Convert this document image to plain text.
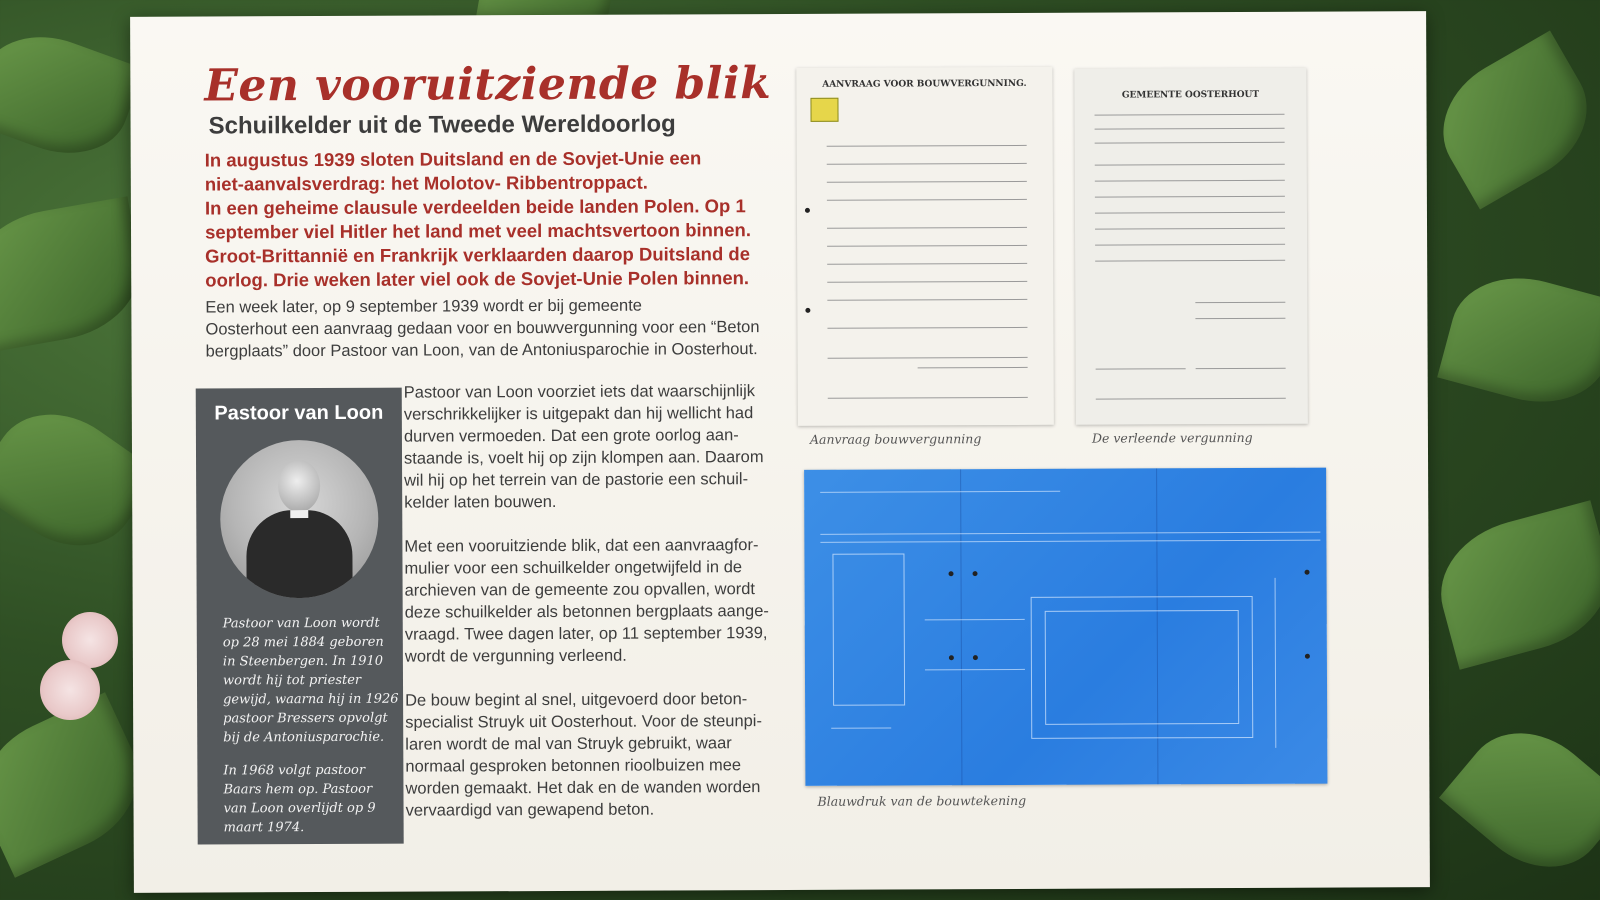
Een vooruitziende blik
Schuilkelder uit de Tweede Wereldoorlog
In augustus 1939 sloten Duitsland en de Sovjet-Unie een
niet-aanvalsverdrag: het Molotov- Ribbentroppact.
In een geheime clausule verdeelden beide landen Polen. Op 1
september viel Hitler het land met veel machtsvertoon binnen.
Groot-Brittannië en Frankrijk verklaarden daarop Duitsland de
oorlog. Drie weken later viel ook de Sovjet-Unie Polen binnen.
Een week later, op 9 september 1939 wordt er bij gemeente
Oosterhout een aanvraag gedaan voor en bouwvergunning voor een “Beton
bergplaats” door Pastoor van Loon, van de Antoniusparochie in Oosterhout.
Pastoor van Loon

Pastoor van Loon wordt op 28 mei 1884 geboren in Steenbergen. In 1910 wordt hij tot priester gewijd, waarna hij in 1926 pastoor Bressers opvolgt bij de Antoniusparochie.

In 1968 volgt pastoor Baars hem op. Pastoor van Loon overlijdt op 9 maart 1974.

Pastoor van Loon voorziet iets dat waarschijnlijk verschrikkelijker is uitgepakt dan hij wellicht had durven vermoeden. Dat een grote oorlog aan-staande is, voelt hij op zijn klompen aan. Daarom wil hij op het terrein van de pastorie een schuil-kelder laten bouwen.

Met een vooruitziende blik, dat een aanvraagfor-mulier voor een schuilkelder ongetwijfeld in de archieven van de gemeente zou opvallen, wordt deze schuilkelder als betonnen bergplaats aange-vraagd. Twee dagen later, op 11 september 1939, wordt de vergunning verleend.

De bouw begint al snel, uitgevoerd door beton-specialist Struyk uit Oosterhout. Voor de steunpi-laren wordt de mal van Struyk gebruikt, waar normaal gesproken betonnen rioolbuizen mee worden gemaakt. Het dak en de wanden worden vervaardigd van gewapend beton.

AANVRAAG VOOR BOUWVERGUNNING.
GEMEENTE OOSTERHOUT
Aanvraag bouwvergunning	De verleende vergunning
Blauwdruk van de bouwtekening
